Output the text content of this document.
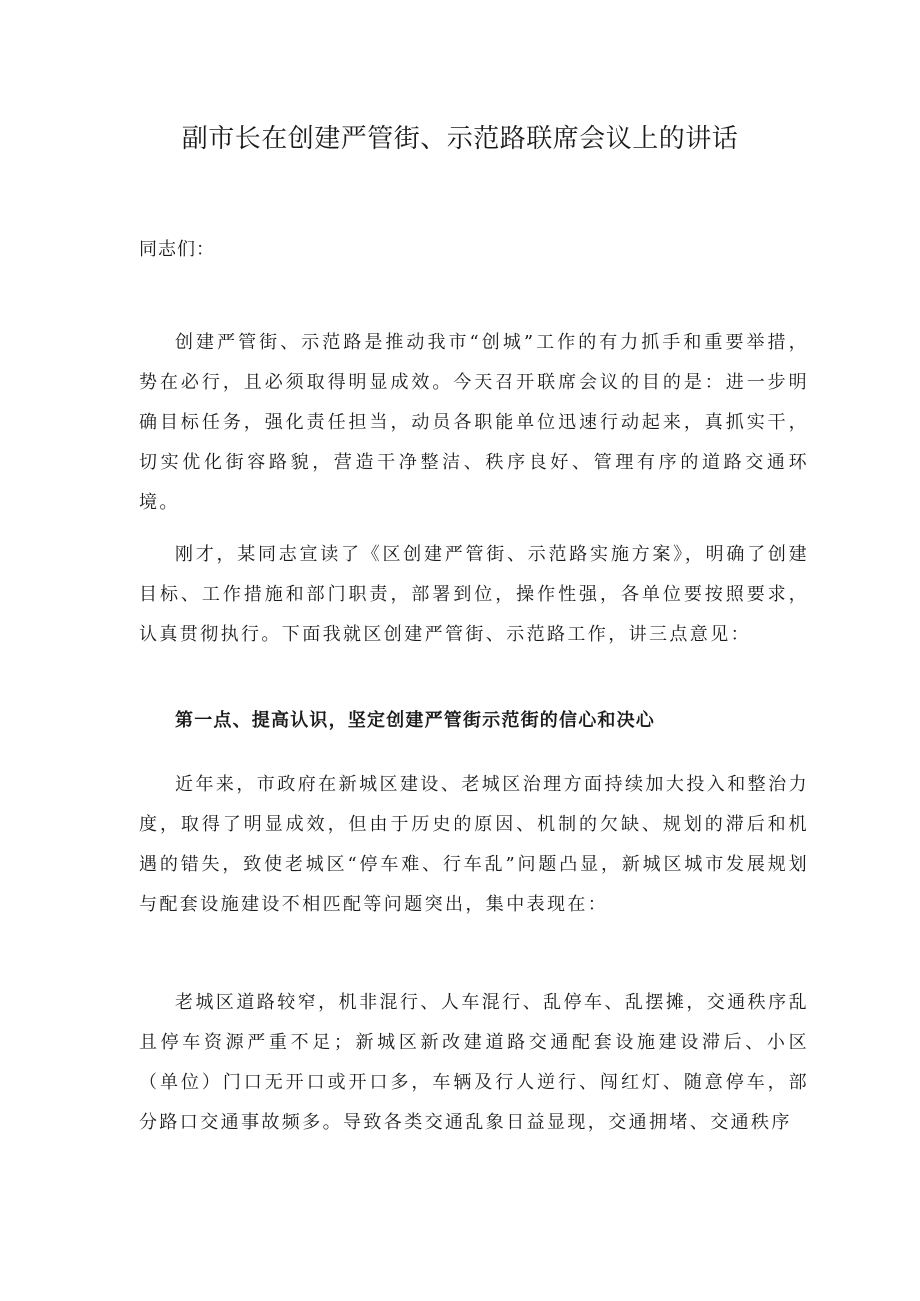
副市长在创建严管街、示范路联席会议上的讲话

同志们：

创建严管街、示范路是推动我市“创城”工作的有力抓手和重要举措，势在必行，且必须取得明显成效。今天召开联席会议的目的是：进一步明确目标任务，强化责任担当，动员各职能单位迅速行动起来，真抓实干，切实优化街容路貌，营造干净整洁、秩序良好、管理有序的道路交通环境。

刚才，某同志宣读了《区创建严管街、示范路实施方案》，明确了创建目标、工作措施和部门职责，部署到位，操作性强，各单位要按照要求，认真贯彻执行。下面我就区创建严管街、示范路工作，讲三点意见：

第一点、提高认识，坚定创建严管街示范街的信心和决心

近年来，市政府在新城区建设、老城区治理方面持续加大投入和整治力度，取得了明显成效，但由于历史的原因、机制的欠缺、规划的滞后和机遇的错失，致使老城区“停车难、行车乱”问题凸显，新城区城市发展规划与配套设施建设不相匹配等问题突出，集中表现在：

老城区道路较窄，机非混行、人车混行、乱停车、乱摆摊，交通秩序乱且停车资源严重不足；新城区新改建道路交通配套设施建设滞后、小区（单位）门口无开口或开口多，车辆及行人逆行、闯红灯、随意停车，部分路口交通事故频多。导致各类交通乱象日益显现，交通拥堵、交通秩序
